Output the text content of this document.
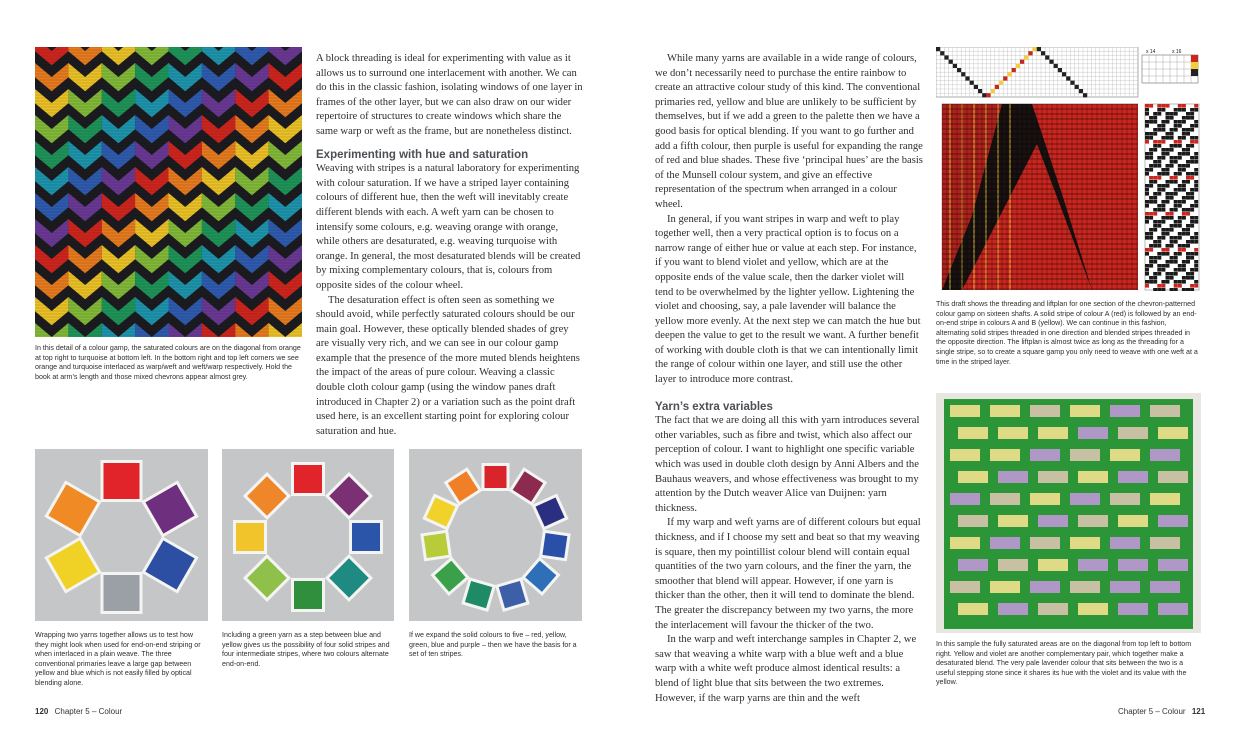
In this detail of a colour gamp, the saturated colours are on the diagonal from orange at top right to turquoise at bottom left. In the bottom right and top left corners we see orange and turquoise interlaced as warp/weft and weft/warp respectively. Hold the book at arm’s length and those mixed chevrons appear almost grey.

A block threading is ideal for experimenting with value as it allows us to surround one interlacement with another. We can do this in the classic fashion, isolating windows of one layer in frames of the other layer, but we can also draw on our wider repertoire of structures to create windows which share the same warp or weft as the frame, but are nonetheless distinct.

Experimenting with hue and saturation

Weaving with stripes is a natural laboratory for experimenting with colour saturation. If we have a striped layer containing colours of different hue, then the weft will inevitably create different blends with each. A weft yarn can be chosen to intensify some colours, e.g. weaving orange with orange, while others are desaturated, e.g. weaving turquoise with orange. In general, the most desaturated blends will be created by mixing complementary colours, that is, colours from opposite sides of the colour wheel.

The desaturation effect is often seen as something we should avoid, while perfectly saturated colours should be our main goal. However, these optically blended shades of grey are visually very rich, and we can see in our colour gamp example that the presence of the more muted blends heightens the impact of the areas of pure colour. Weaving a classic double cloth colour gamp (using the window panes draft introduced in Chapter 2) or a variation such as the point draft used here, is an excellent starting point for exploring colour saturation and hue.

Wrapping two yarns together allows us to test how they might look when used for end-on-end striping or when interlaced in a plain weave. The three conventional primaries leave a large gap between yellow and blue which is not easily filled by optical blending alone.
Including a green yarn as a step between blue and yellow gives us the possibility of four solid stripes and four intermediate stripes, where two colours alternate end-on-end.
If we expand the solid colours to five – red, yellow, green, blue and purple – then we have the basis for a set of ten stripes.
120 Chapter 5 – Colour

While many yarns are available in a wide range of colours, we don’t necessarily need to purchase the entire rainbow to create an attractive colour study of this kind. The conventional primaries red, yellow and blue are unlikely to be sufficient by themselves, but if we add a green to the palette then we have a good basis for optical blending. If you want to go further and add a fifth colour, then purple is useful for expanding the range of red and blue shades. These five ‘principal hues’ are the basis of the Munsell colour system, and give an effective representation of the spectrum when arranged in a colour wheel.

In general, if you want stripes in warp and weft to play together well, then a very practical option is to focus on a narrow range of either hue or value at each step. For instance, if you want to blend violet and yellow, which are at the opposite ends of the value scale, then the darker violet will tend to be overwhelmed by the lighter yellow. Lightening the violet and choosing, say, a pale lavender will balance the yellow more evenly. At the next step we can match the hue but deepen the value to get to the result we want. A further benefit of working with double cloth is that we can intentionally limit the range of colour within one layer, and still use the other layer to introduce more contrast.

Yarn’s extra variables

The fact that we are doing all this with yarn introduces several other variables, such as fibre and twist, which also affect our perception of colour. I want to highlight one specific variable which was used in double cloth design by Anni Albers and the Bauhaus weavers, and whose effectiveness was brought to my attention by the Dutch weaver Alice van Duijnen: yarn thickness.

If my warp and weft yarns are of different colours but equal thickness, and if I choose my sett and beat so that my weaving is square, then my pointillist colour blend will contain equal quantities of the two yarn colours, and the finer the yarn, the smoother that blend will appear. However, if one yarn is thicker than the other, then it will tend to dominate the blend. The greater the discrepancy between my two yarns, the more the interlacement will favour the thicker of the two.

In the warp and weft interchange samples in Chapter 2, we saw that weaving a white warp with a blue weft and a blue warp with a white weft produce almost identical results: a blend of light blue that sits between the two extremes. However, if the warp yarns are thin and the weft

x 14	x 16
This draft shows the threading and liftplan for one section of the chevron-patterned colour gamp on sixteen shafts. A solid stripe of colour A (red) is followed by an end-on-end stripe in colours A and B (yellow). We can continue in this fashion, alternating solid stripes threaded in one direction and blended stripes threaded in the opposite direction. The liftplan is almost twice as long as the threading for a single stripe, so to create a square gamp you only need to weave with one weft at a time in the striped layer.
In this sample the fully saturated areas are on the diagonal from top left to bottom right. Yellow and violet are another complementary pair, which together make a desaturated blend. The very pale lavender colour that sits between the two is a useful stepping stone since it shares its hue with the violet and its value with the yellow.
Chapter 5 – Colour 121
